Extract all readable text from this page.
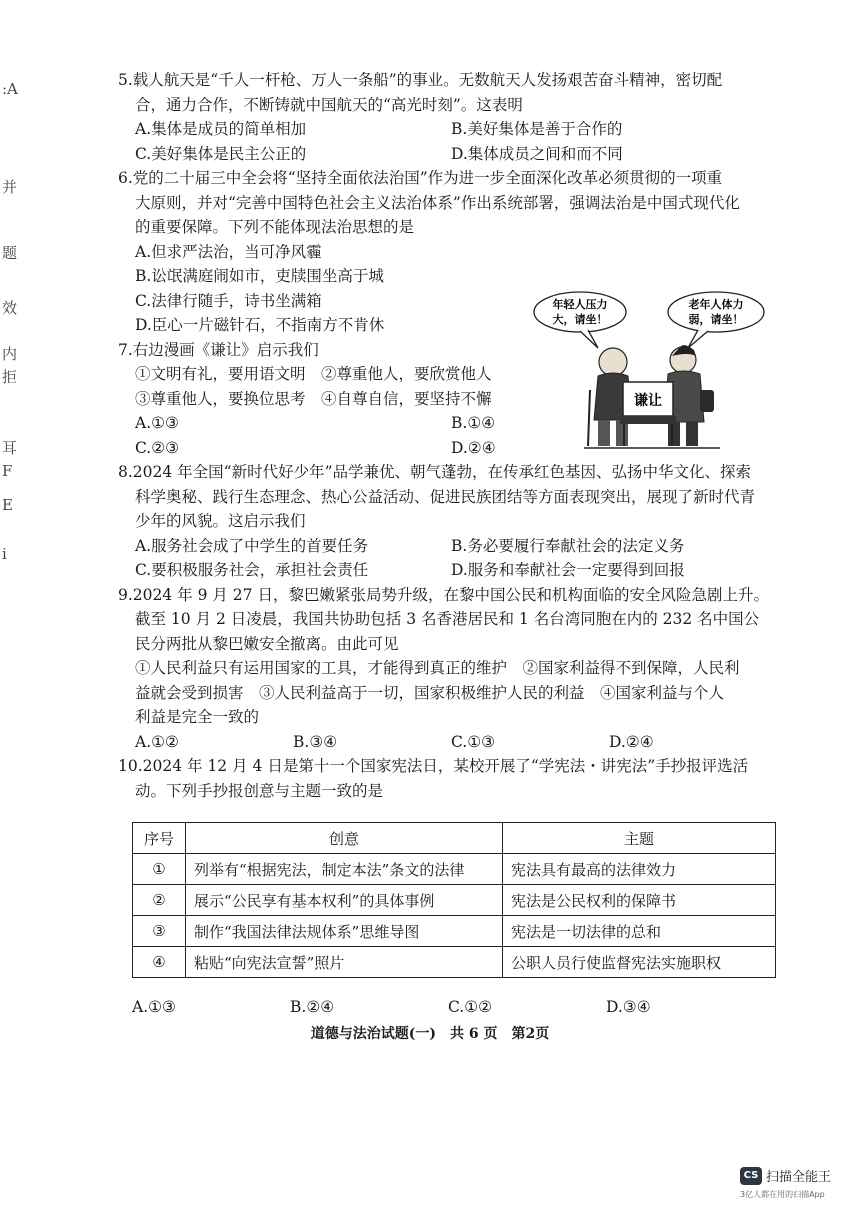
:A
并
题
效
内
拒
耳
F
E
i
5.载人航天是“千人一杆枪、万人一条船”的事业。无数航天人发扬艰苦奋斗精神，密切配
合，通力合作，不断铸就中国航天的“高光时刻”。这表明
A.集体是成员的简单相加	B.美好集体是善于合作的
C.美好集体是民主公正的	D.集体成员之间和而不同
6.党的二十届三中全会将“坚持全面依法治国”作为进一步全面深化改革必须贯彻的一项重
大原则，并对“完善中国特色社会主义法治体系”作出系统部署，强调法治是中国式现代化
的重要保障。下列不能体现法治思想的是
A.但求严法治，当可净风霾
B.讼氓满庭闹如市，吏牍围坐高于城
C.法律行随手，诗书坐满箱
D.臣心一片磁针石，不指南方不肯休
7.右边漫画《谦让》启示我们
①文明有礼，要用语文明　 ②尊重他人，要欣赏他人
③尊重他人，要换位思考　 ④自尊自信，要坚持不懈
A.①③	B.①④
C.②③	D.②④
8.2024 年全国“新时代好少年”品学兼优、朝气蓬勃，在传承红色基因、弘扬中华文化、探索
科学奥秘、践行生态理念、热心公益活动、促进民族团结等方面表现突出，展现了新时代青
少年的风貌。这启示我们
A.服务社会成了中学生的首要任务	B.务必要履行奉献社会的法定义务
C.要积极服务社会，承担社会责任	D.服务和奉献社会一定要得到回报
9.2024 年 9 月 27 日，黎巴嫩紧张局势升级，在黎中国公民和机构面临的安全风险急剧上升。
截至 10 月 2 日凌晨，我国共协助包括 3 名香港居民和 1 名台湾同胞在内的 232 名中国公
民分两批从黎巴嫩安全撤离。由此可见
①人民利益只有运用国家的工具，才能得到真正的维护　②国家利益得不到保障，人民利
益就会受到损害　③人民利益高于一切，国家积极维护人民的利益　④国家利益与个人
利益是完全一致的
A.①②	B.③④	C.①③	D.②④
10.2024 年 12 月 4 日是第十一个国家宪法日，某校开展了“学宪法・讲宪法”手抄报评选活
动。下列手抄报创意与主题一致的是
年轻人压力
大，请坐！
老年人体力
弱，请坐！
谦让
序号	创意	主题
①	列举有“根据宪法，制定本法”条文的法律	宪法具有最高的法律效力
②	展示“公民享有基本权利”的具体事例	宪法是公民权利的保障书
③	制作“我国法律法规体系”思维导图	宪法是一切法律的总和
④	粘贴“向宪法宣誓”照片	公职人员行使监督宪法实施职权
A.①③	B.②④	C.①②	D.③④
道德与法治试题(一)　共 6 页　第2页
CS 扫描全能王
3亿人都在用的扫描App
